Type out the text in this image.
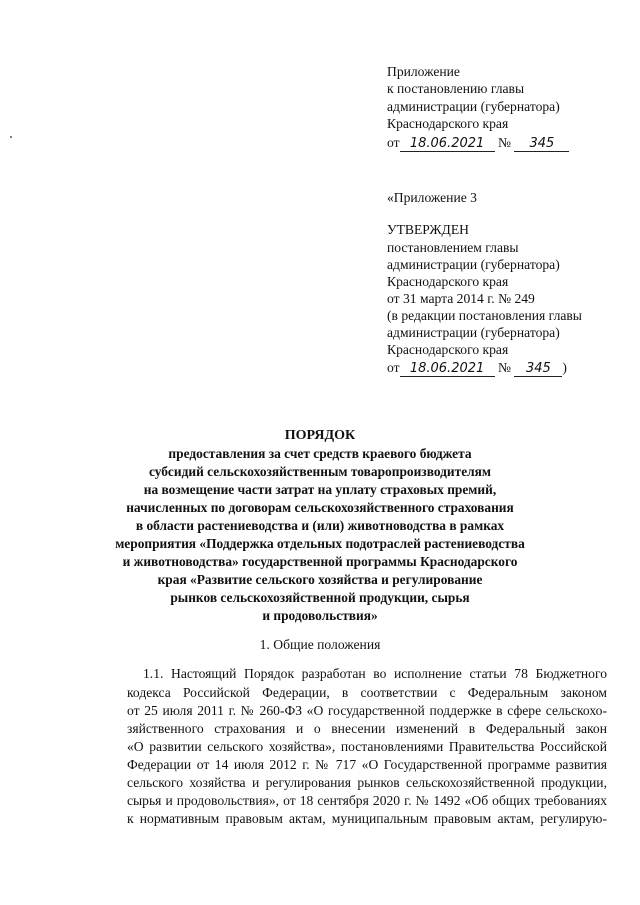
Приложение
к постановлению главы
администрации (губернатора)
Краснодарского края
от 18.06.2021 № 345
«Приложение 3
УТВЕРЖДЕН
постановлением главы
администрации (губернатора)
Краснодарского края
от 31 марта 2014 г. № 249
(в редакции постановления главы
администрации (губернатора)
Краснодарского края
от 18.06.2021 № 345 )
ПОРЯДОК
предоставления за счет средств краевого бюджета
субсидий сельскохозяйственным товаропроизводителям
на возмещение части затрат на уплату страховых премий,
начисленных по договорам сельскохозяйственного страхования
в области растениеводства и (или) животноводства в рамках
мероприятия «Поддержка отдельных подотраслей растениеводства
и животноводства» государственной программы Краснодарского
края «Развитие сельского хозяйства и регулирование
рынков сельскохозяйственной продукции, сырья
и продовольствия»
1. Общие положения
1.1. Настоящий Порядок разработан во исполнение статьи 78 Бюджетного
кодекса Российской Федерации, в соответствии с Федеральным законом
от 25 июля 2011 г. № 260-ФЗ «О государственной поддержке в сфере сельскохо-
зяйственного страхования и о внесении изменений в Федеральный закон
«О развитии сельского хозяйства», постановлениями Правительства Российской
Федерации от 14 июля 2012 г. № 717 «О Государственной программе развития
сельского хозяйства и регулирования рынков сельскохозяйственной продукции,
сырья и продовольствия», от 18 сентября 2020 г. № 1492 «Об общих требованиях
к нормативным правовым актам, муниципальным правовым актам, регулирую-
